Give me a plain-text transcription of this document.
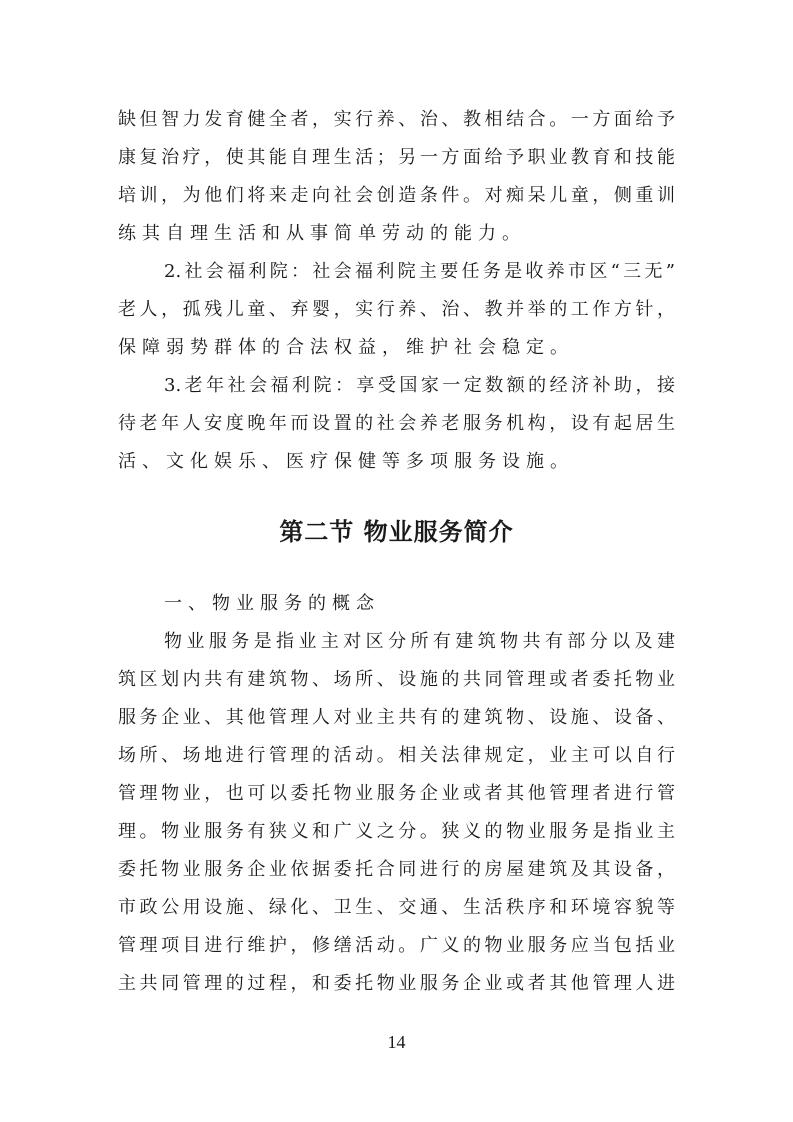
缺但智力发育健全者，实行养、治、教相结合。一方面给予
康复治疗，使其能自理生活；另一方面给予职业教育和技能
培训，为他们将来走向社会创造条件。对痴呆儿童，侧重训
练其自理生活和从事简单劳动的能力。
2.社会福利院：社会福利院主要任务是收养市区“三无”
老人，孤残儿童、弃婴，实行养、治、教并举的工作方针，
保障弱势群体的合法权益，维护社会稳定。
3.老年社会福利院：享受国家一定数额的经济补助，接
待老年人安度晚年而设置的社会养老服务机构，设有起居生
活、文化娱乐、医疗保健等多项服务设施。
第二节 物业服务简介
一、物业服务的概念
物业服务是指业主对区分所有建筑物共有部分以及建
筑区划内共有建筑物、场所、设施的共同管理或者委托物业
服务企业、其他管理人对业主共有的建筑物、设施、设备、
场所、场地进行管理的活动。相关法律规定，业主可以自行
管理物业，也可以委托物业服务企业或者其他管理者进行管
理。物业服务有狭义和广义之分。狭义的物业服务是指业主
委托物业服务企业依据委托合同进行的房屋建筑及其设备，
市政公用设施、绿化、卫生、交通、生活秩序和环境容貌等
管理项目进行维护，修缮活动。广义的物业服务应当包括业
主共同管理的过程，和委托物业服务企业或者其他管理人进
14
